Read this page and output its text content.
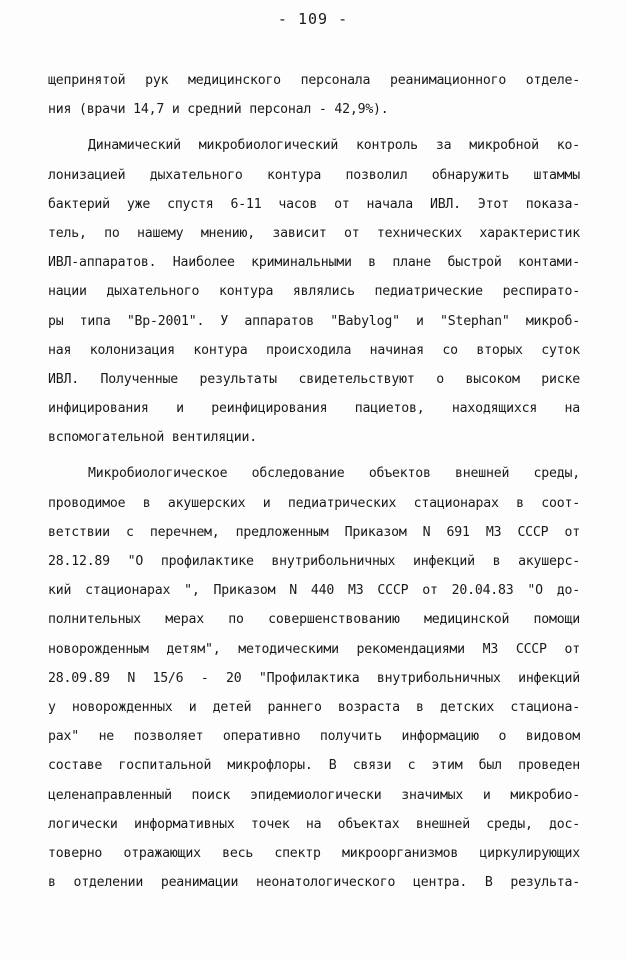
- 109 -
щепринятой рук медицинского персонала реанимационного отделе-
ния (врачи 14,7 и средний персонал - 42,9%).
Динамический микробиологический контроль за микробной ко-
лонизацией дыхательного контура позволил обнаружить штаммы
бактерий уже спустя 6-11 часов от начала ИВЛ. Этот показа-
тель, по нашему мнению, зависит от технических характеристик
ИВЛ-аппаратов. Наиболее криминальными в плане быстрой контами-
нации дыхательного контура являлись педиатрические респирато-
ры типа "Вр-2001". У аппаратов "Babylog" и "Stephan" микроб-
ная колонизация контура происходила начиная со вторых суток
ИВЛ. Полученные результаты свидетельствуют о высоком риске
инфицирования и реинфицирования пациетов, находящихся на
вспомогательной вентиляции.
Микробиологическое обследование объектов внешней среды,
проводимое в акушерских и педиатрических стационарах в соот-
ветствии с перечнем, предложенным Приказом N 691 МЗ СССР от
28.12.89 "О профилактике внутрибольничных инфекций в акушерс-
кий стационарах ", Приказом N 440 МЗ СССР от 20.04.83 "О до-
полнительных мерах по совершенствованию медицинской помощи
новорожденным детям", методическими рекомендациями МЗ СССР от
28.09.89 N 15/6 - 20 "Профилактика внутрибольничных инфекций
у новорожденных и детей раннего возраста в детских стациона-
рах" не позволяет оперативно получить информацию о видовом
составе госпитальной микрофлоры. В связи с этим был проведен
целенаправленный поиск эпидемиологически значимых и микробио-
логически информативных точек на объектах внешней среды, дос-
товерно отражающих весь спектр микроорганизмов циркулирующих
в отделении реанимации неонатологического центра. В результа-
